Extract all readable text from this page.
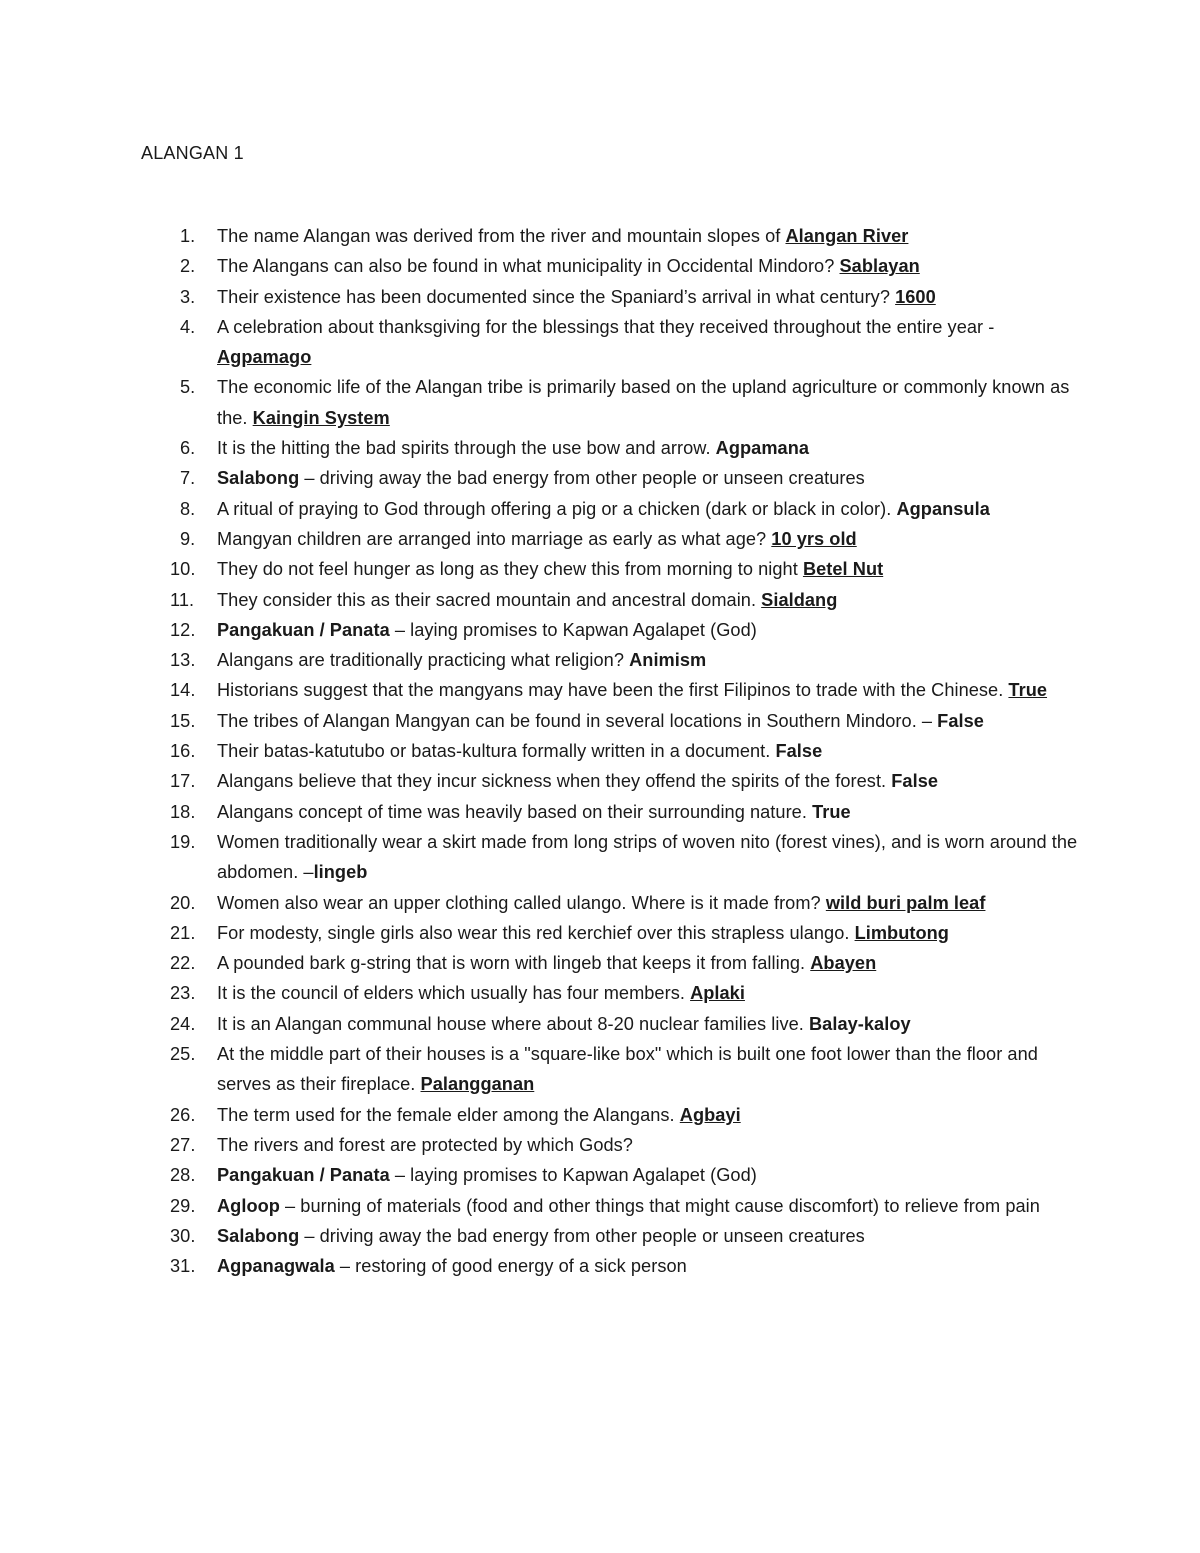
ALANGAN 1
1. The name Alangan was derived from the river and mountain slopes of Alangan River
2. The Alangans can also be found in what municipality in Occidental Mindoro? Sablayan
3. Their existence has been documented since the Spaniard’s arrival in what century? 1600
4. A celebration about thanksgiving for the blessings that they received throughout the entire year - Agpamago
5. The economic life of the Alangan tribe is primarily based on the upland agriculture or commonly known as the. Kaingin System
6. It is the hitting the bad spirits through the use bow and arrow. Agpamana
7. Salabong – driving away the bad energy from other people or unseen creatures
8. A ritual of praying to God through offering a pig or a chicken (dark or black in color). Agpansula
9. Mangyan children are arranged into marriage as early as what age? 10 yrs old
10. They do not feel hunger as long as they chew this from morning to night Betel Nut
11. They consider this as their sacred mountain and ancestral domain. Sialdang
12. Pangakuan / Panata – laying promises to Kapwan Agalapet (God)
13. Alangans are traditionally practicing what religion? Animism
14. Historians suggest that the mangyans may have been the first Filipinos to trade with the Chinese. True
15. The tribes of Alangan Mangyan can be found in several locations in Southern Mindoro. – False
16. Their batas-katutubo or batas-kultura formally written in a document. False
17. Alangans believe that they incur sickness when they offend the spirits of the forest. False
18. Alangans concept of time was heavily based on their surrounding nature. True
19. Women traditionally wear a skirt made from long strips of woven nito (forest vines), and is worn around the abdomen. –lingeb
20. Women also wear an upper clothing called ulango. Where is it made from? wild buri palm leaf
21. For modesty, single girls also wear this red kerchief over this strapless ulango. Limbutong
22. A pounded bark g-string that is worn with lingeb that keeps it from falling. Abayen
23. It is the council of elders which usually has four members. Aplaki
24. It is an Alangan communal house where about 8-20 nuclear families live. Balay-kaloy
25. At the middle part of their houses is a "square-like box" which is built one foot lower than the floor and serves as their fireplace. Palangganan
26. The term used for the female elder among the Alangans. Agbayi
27. The rivers and forest are protected by which Gods?
28. Pangakuan / Panata – laying promises to Kapwan Agalapet (God)
29. Agloop – burning of materials (food and other things that might cause discomfort) to relieve from pain
30. Salabong – driving away the bad energy from other people or unseen creatures
31. Agpanagwala – restoring of good energy of a sick person
